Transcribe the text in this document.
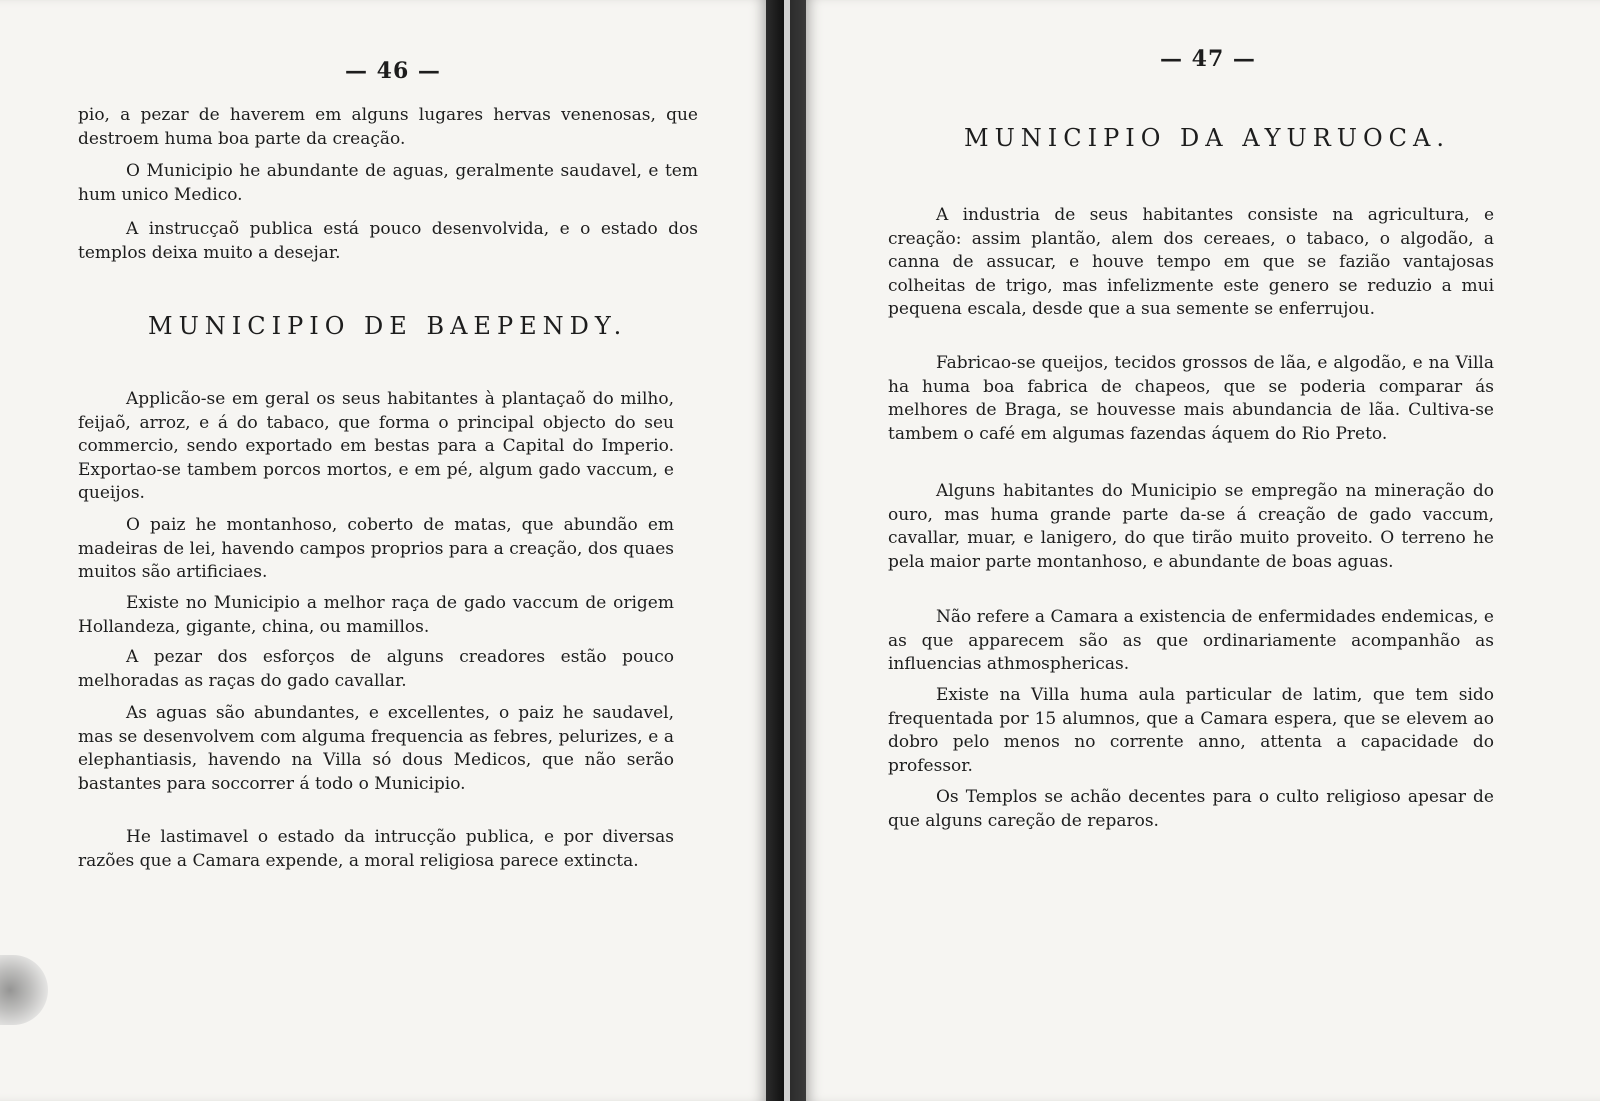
— 46 —

pio, a pezar de haverem em alguns lugares hervas venenosas, que destroem huma boa parte da creação.

O Municipio he abundante de aguas, geralmente saudavel, e tem hum unico Medico.

A instrucçaõ publica está pouco desenvolvida, e o estado dos templos deixa muito a desejar.

MUNICIPIO DE BAEPENDY.

Applicão-se em geral os seus habitantes à plantaçaõ do milho, feijaõ, arroz, e á do tabaco, que forma o principal objecto do seu commercio, sendo exportado em bestas para a Capital do Imperio. Exportao-se tambem porcos mortos, e em pé, algum gado vaccum, e queijos.

O paiz he montanhoso, coberto de matas, que abundão em madeiras de lei, havendo campos proprios para a creação, dos quaes muitos são artificiaes.

Existe no Municipio a melhor raça de gado vaccum de origem Hollandeza, gigante, china, ou mamillos.

A pezar dos esforços de alguns creadores estão pouco melhoradas as raças do gado cavallar.

As aguas são abundantes, e excellentes, o paiz he saudavel, mas se desenvolvem com alguma frequencia as febres, pelurizes, e a elephantiasis, havendo na Villa só dous Medicos, que não serão bastantes para soccorrer á todo o Municipio.

He lastimavel o estado da intrucção publica, e por diversas razões que a Camara expende, a moral religiosa parece extincta.

— 47 —
MUNICIPIO DA AYURUOCA.

A industria de seus habitantes consiste na agricultura, e creação: assim plantão, alem dos cereaes, o tabaco, o algodão, a canna de assucar, e houve tempo em que se fazião vantajosas colheitas de trigo, mas infelizmente este genero se reduzio a mui pequena escala, desde que a sua semente se enferrujou.

Fabricao-se queijos, tecidos grossos de lãa, e algodão, e na Villa ha huma boa fabrica de chapeos, que se poderia comparar ás melhores de Braga, se houvesse mais abundancia de lãa. Cultiva-se tambem o café em algumas fazendas áquem do Rio Preto.

Alguns habitantes do Municipio se empregão na mineração do ouro, mas huma grande parte da-se á creação de gado vaccum, cavallar, muar, e lanigero, do que tirão muito proveito. O terreno he pela maior parte montanhoso, e abundante de boas aguas.

Não refere a Camara a existencia de enfermidades endemicas, e as que apparecem são as que ordinariamente acompanhão as influencias athmosphericas.

Existe na Villa huma aula particular de latim, que tem sido frequentada por 15 alumnos, que a Camara espera, que se elevem ao dobro pelo menos no corrente anno, attenta a capacidade do professor.

Os Templos se achão decentes para o culto religioso apesar de que alguns careção de reparos.
